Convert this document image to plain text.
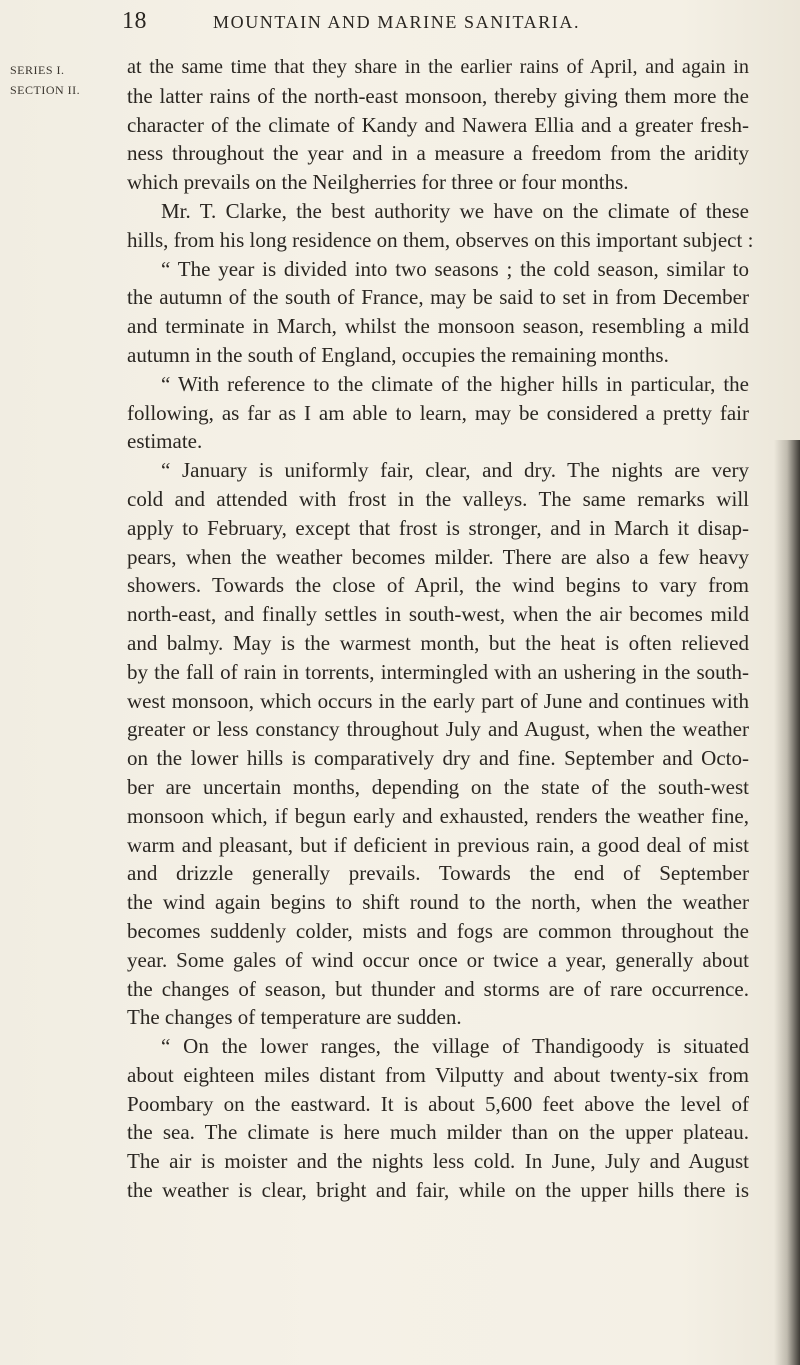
18	MOUNTAIN AND MARINE SANITARIA.
SERIES I.
SECTION II.
at the same time that they share in the earlier rains of April, and again in
the latter rains of the north-east monsoon, thereby giving them more the
character of the climate of Kandy and Nawera Ellia and a greater fresh-
ness throughout the year and in a measure a freedom from the aridity
which prevails on the Neilgherries for three or four months.
Mr. T. Clarke, the best authority we have on the climate of these
hills, from his long residence on them, observes on this important subject :
“ The year is divided into two seasons ; the cold season, similar to
the autumn of the south of France, may be said to set in from December
and terminate in March, whilst the monsoon season, resembling a mild
autumn in the south of England, occupies the remaining months.
“ With reference to the climate of the higher hills in particular, the
following, as far as I am able to learn, may be considered a pretty fair
estimate.
“ January is uniformly fair, clear, and dry. The nights are very
cold and attended with frost in the valleys. The same remarks will
apply to February, except that frost is stronger, and in March it disap-
pears, when the weather becomes milder. There are also a few heavy
showers. Towards the close of April, the wind begins to vary from
north-east, and finally settles in south-west, when the air becomes mild
and balmy. May is the warmest month, but the heat is often relieved
by the fall of rain in torrents, intermingled with an ushering in the south-
west monsoon, which occurs in the early part of June and continues with
greater or less constancy throughout July and August, when the weather
on the lower hills is comparatively dry and fine. September and Octo-
ber are uncertain months, depending on the state of the south-west
monsoon which, if begun early and exhausted, renders the weather fine,
warm and pleasant, but if deficient in previous rain, a good deal of mist
and drizzle generally prevails. Towards the end of September
the wind again begins to shift round to the north, when the weather
becomes suddenly colder, mists and fogs are common throughout the
year. Some gales of wind occur once or twice a year, generally about
the changes of season, but thunder and storms are of rare occurrence.
The changes of temperature are sudden.
“ On the lower ranges, the village of Thandigoody is situated
about eighteen miles distant from Vilputty and about twenty-six from
Poombary on the eastward. It is about 5,600 feet above the level of
the sea. The climate is here much milder than on the upper plateau.
The air is moister and the nights less cold. In June, July and August
the weather is clear, bright and fair, while on the upper hills there is
